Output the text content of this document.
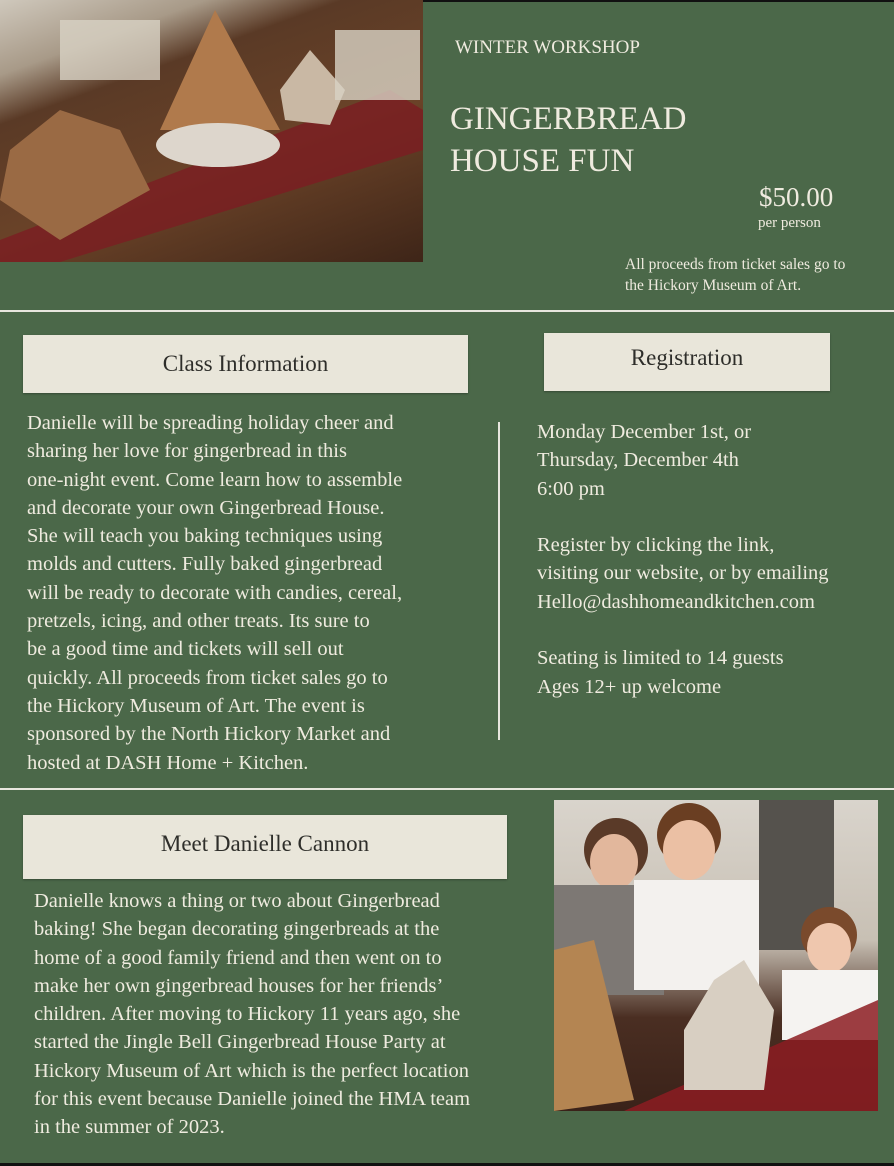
WINTER WORKSHOP
GINGERBREAD
HOUSE FUN
$50.00
per person
All proceeds from ticket sales go to
the Hickory Museum of Art.
Class Information
Danielle will be spreading holiday cheer and
sharing her love for gingerbread in this
one-night event. Come learn how to assemble
and decorate your own Gingerbread House.
She will teach you baking techniques using
molds and cutters. Fully baked gingerbread
will be ready to decorate with candies, cereal,
pretzels, icing, and other treats. Its sure to
be a good time and tickets will sell out
quickly. All proceeds from ticket sales go to
the Hickory Museum of Art. The event is
sponsored by the North Hickory Market and
hosted at DASH Home + Kitchen.
Registration
Monday December 1st, or
Thursday, December 4th
6:00 pm

Register by clicking the link,
visiting our website, or by emailing
Hello@dashhomeandkitchen.com

Seating is limited to 14 guests
Ages 12+ up welcome
Meet Danielle Cannon
Danielle knows a thing or two about Gingerbread
baking! She began decorating gingerbreads at the
home of a good family friend and then went on to
make her own gingerbread houses for her friends’
children. After moving to Hickory 11 years ago, she
started the Jingle Bell Gingerbread House Party at
Hickory Museum of Art which is the perfect location
for this event because Danielle joined the HMA team
in the summer of 2023.
